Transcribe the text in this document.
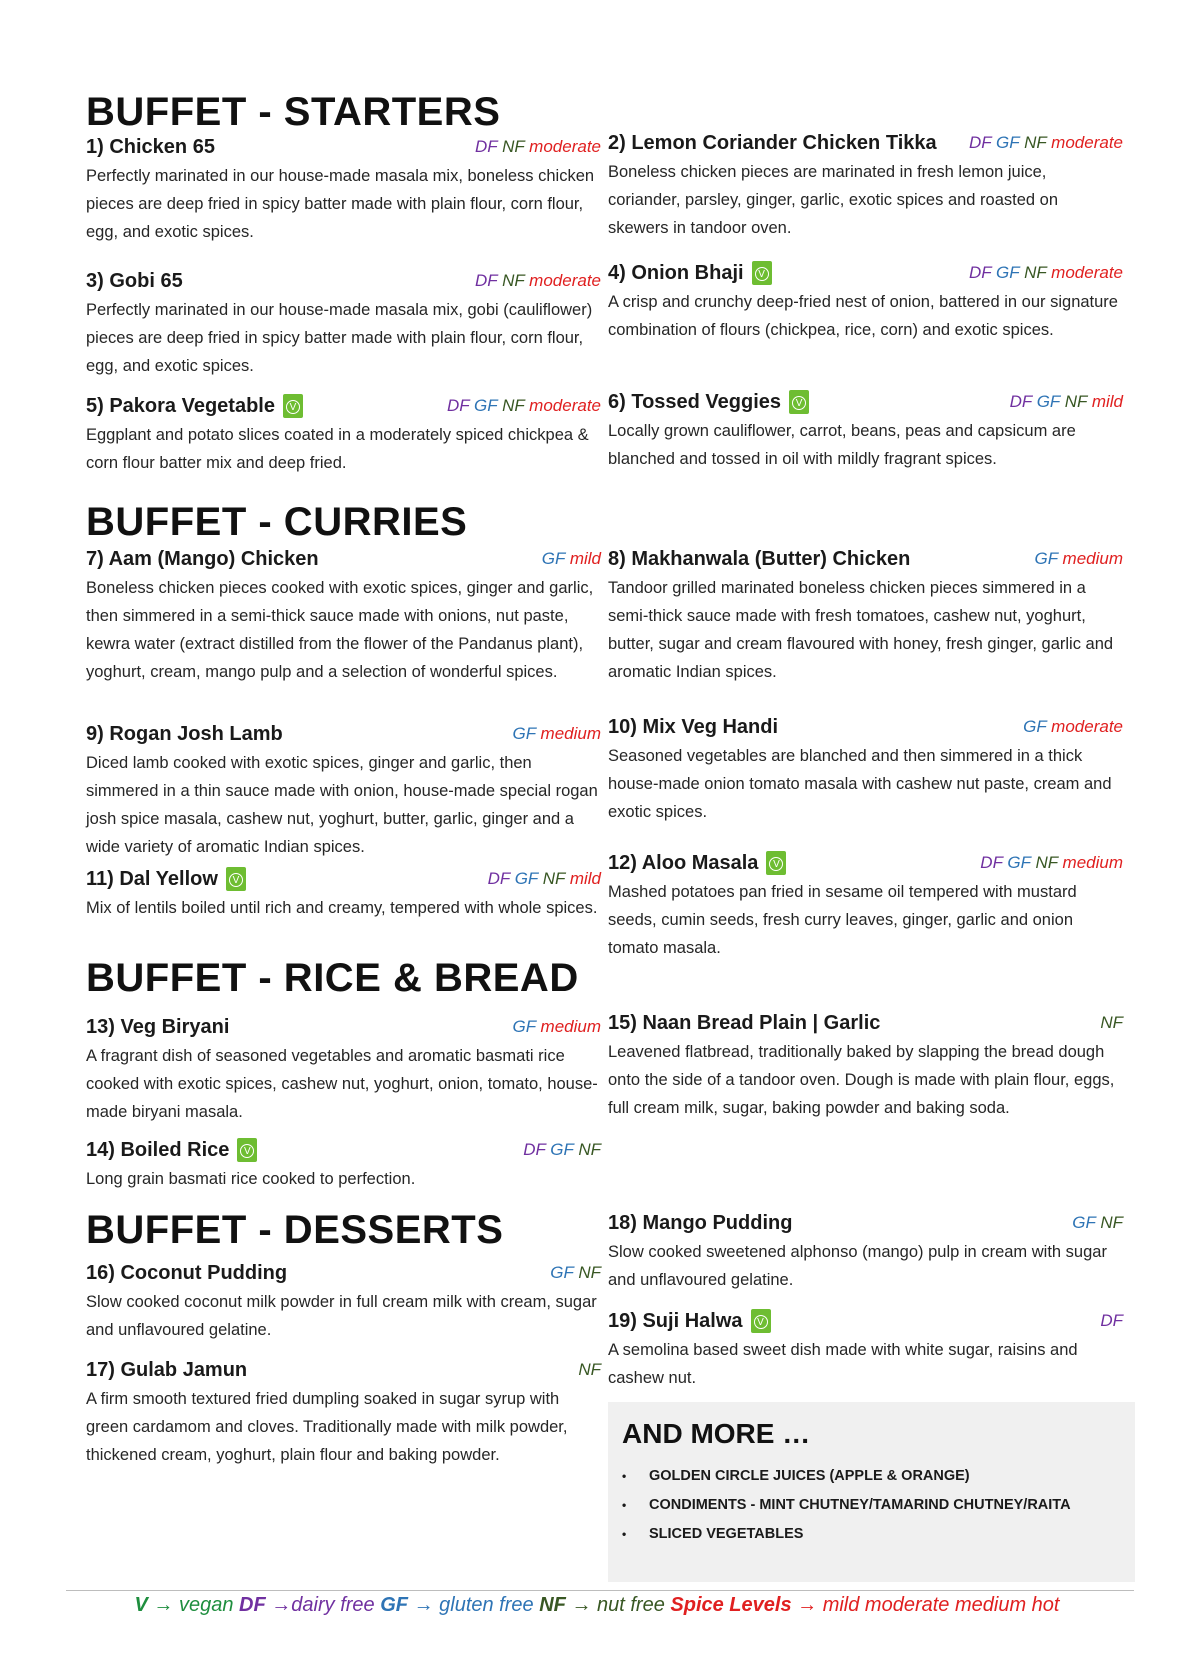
BUFFET - STARTERS
BUFFET - CURRIES
BUFFET - RICE & BREAD
BUFFET - DESSERTS
1) Chicken 65	DF NF moderate
Perfectly marinated in our house-made masala mix, boneless chicken pieces are deep fried in spicy batter made with plain flour, corn flour, egg, and exotic spices.
2) Lemon Coriander Chicken Tikka DF GF NF moderate
Boneless chicken pieces are marinated in fresh lemon juice, coriander, parsley, ginger, garlic, exotic spices and roasted on skewers in tandoor oven.
3) Gobi 65	DF NF moderate
Perfectly marinated in our house-made masala mix, gobi (cauliflower) pieces are deep fried in spicy batter made with plain flour, corn flour, egg, and exotic spices.
4) Onion Bhaji	V	DF GF NF moderate
A crisp and crunchy deep-fried nest of onion, battered in our signature combination of flours (chickpea, rice, corn) and exotic spices.
5) Pakora Vegetable	V	DF GF NF moderate
Eggplant and potato slices coated in a moderately spiced chickpea & corn flour batter mix and deep fried.
6) Tossed Veggies	V	DF GF NF mild
Locally grown cauliflower, carrot, beans, peas and capsicum are blanched and tossed in oil with mildly fragrant spices.
7) Aam (Mango) Chicken	GF mild
Boneless chicken pieces cooked with exotic spices, ginger and garlic, then simmered in a semi-thick sauce made with onions, nut paste, kewra water (extract distilled from the flower of the Pandanus plant), yoghurt, cream, mango pulp and a selection of wonderful spices.
8) Makhanwala (Butter) Chicken	GF medium
Tandoor grilled marinated boneless chicken pieces simmered in a semi-thick sauce made with fresh tomatoes, cashew nut, yoghurt, butter, sugar and cream flavoured with honey, fresh ginger, garlic and aromatic Indian spices.
9) Rogan Josh Lamb	GF medium
Diced lamb cooked with exotic spices, ginger and garlic, then simmered in a thin sauce made with onion, house-made special rogan josh spice masala, cashew nut, yoghurt, butter, garlic, ginger and a wide variety of aromatic Indian spices.
10) Mix Veg Handi	GF moderate
Seasoned vegetables are blanched and then simmered in a thick house-made onion tomato masala with cashew nut paste, cream and exotic spices.
11) Dal Yellow	V	DF GF NF mild
Mix of lentils boiled until rich and creamy, tempered with whole spices.
12) Aloo Masala	V	DF GF NF medium
Mashed potatoes pan fried in sesame oil tempered with mustard seeds, cumin seeds, fresh curry leaves, ginger, garlic and onion tomato masala.
13) Veg Biryani	GF medium
A fragrant dish of seasoned vegetables and aromatic basmati rice cooked with exotic spices, cashew nut, yoghurt, onion, tomato, house-made biryani masala.
14) Boiled Rice	V	DF GF NF
Long grain basmati rice cooked to perfection.
15) Naan Bread Plain | Garlic	NF
Leavened flatbread, traditionally baked by slapping the bread dough onto the side of a tandoor oven. Dough is made with plain flour, eggs, full cream milk, sugar, baking powder and baking soda.
16) Coconut Pudding	GF NF
Slow cooked coconut milk powder in full cream milk with cream, sugar and unflavoured gelatine.
17) Gulab Jamun	NF
A firm smooth textured fried dumpling soaked in sugar syrup with green cardamom and cloves. Traditionally made with milk powder, thickened cream, yoghurt, plain flour and baking powder.
18) Mango Pudding	GF NF
Slow cooked sweetened alphonso (mango) pulp in cream with sugar and unflavoured gelatine.
19) Suji Halwa	V	DF
A semolina based sweet dish made with white sugar, raisins and cashew nut.
AND MORE …
• GOLDEN CIRCLE JUICES (APPLE & ORANGE)
• CONDIMENTS - MINT CHUTNEY/TAMARIND CHUTNEY/RAITA
• SLICED VEGETABLES
V → vegan DF →dairy free GF → gluten free NF → nut free Spice Levels → mild moderate medium hot
